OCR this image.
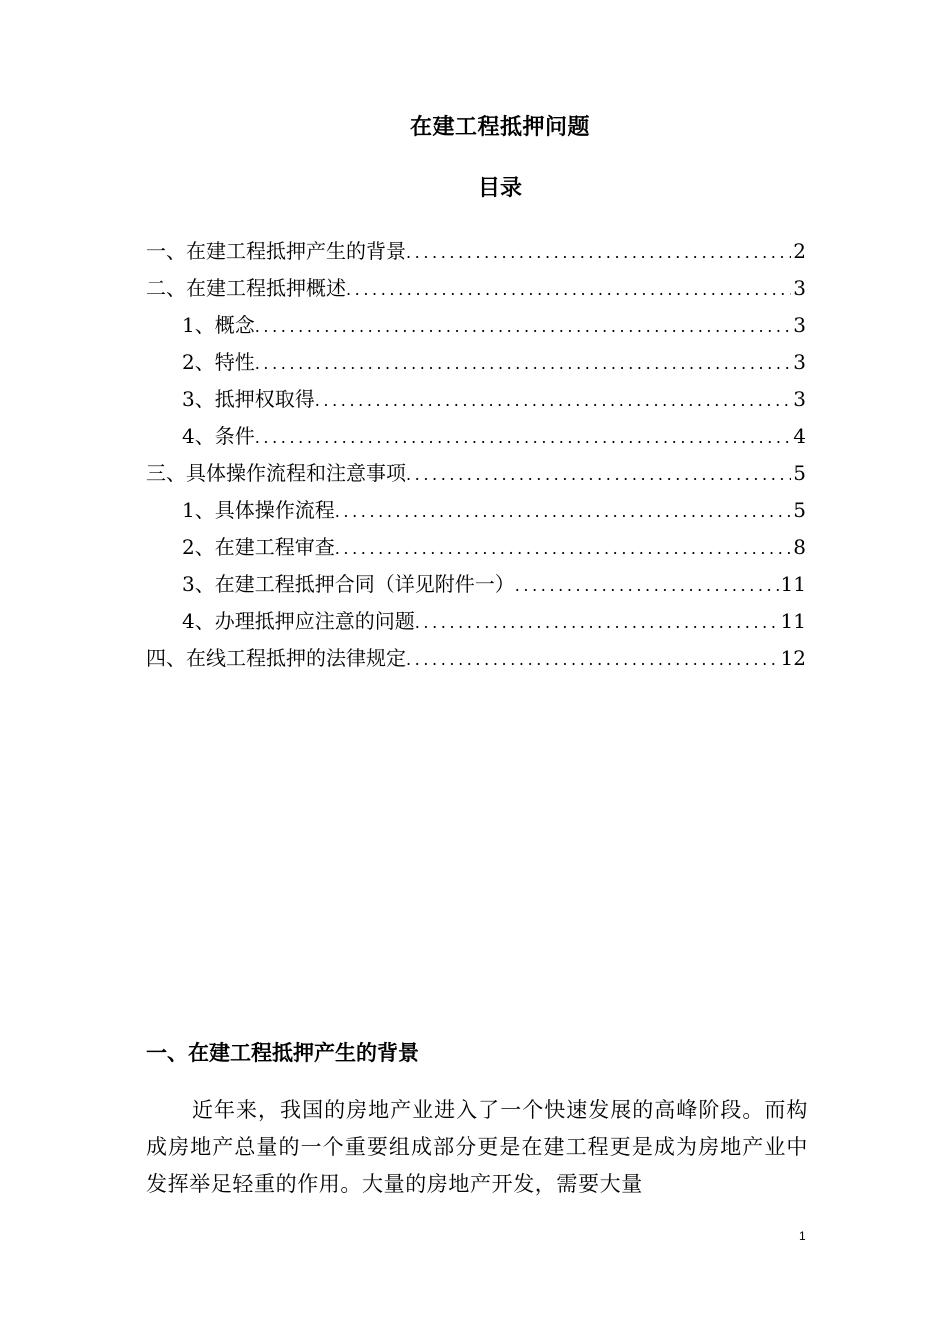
在建工程抵押问题
目录
一、在建工程抵押产生的背景 .....	2
二、在建工程抵押概述 .....	3
1、概念 .....	3
2、特性 .....	3
3、抵押权取得 .....	3
4、条件 .....	4
三、具体操作流程和注意事项 .....	5
1、具体操作流程 .....	5
2、在建工程审查 .....	8
3、在建工程抵押合同（详见附件一） .....	11
4、办理抵押应注意的问题 .....	11
四、在线工程抵押的法律规定 .....	12
一、在建工程抵押产生的背景
近年来，我国的房地产业进入了一个快速发展的高峰阶段。而构成房地产总量的一个重要组成部分更是在建工程更是成为房地产业中发挥举足轻重的作用。大量的房地产开发，需要大量
1
